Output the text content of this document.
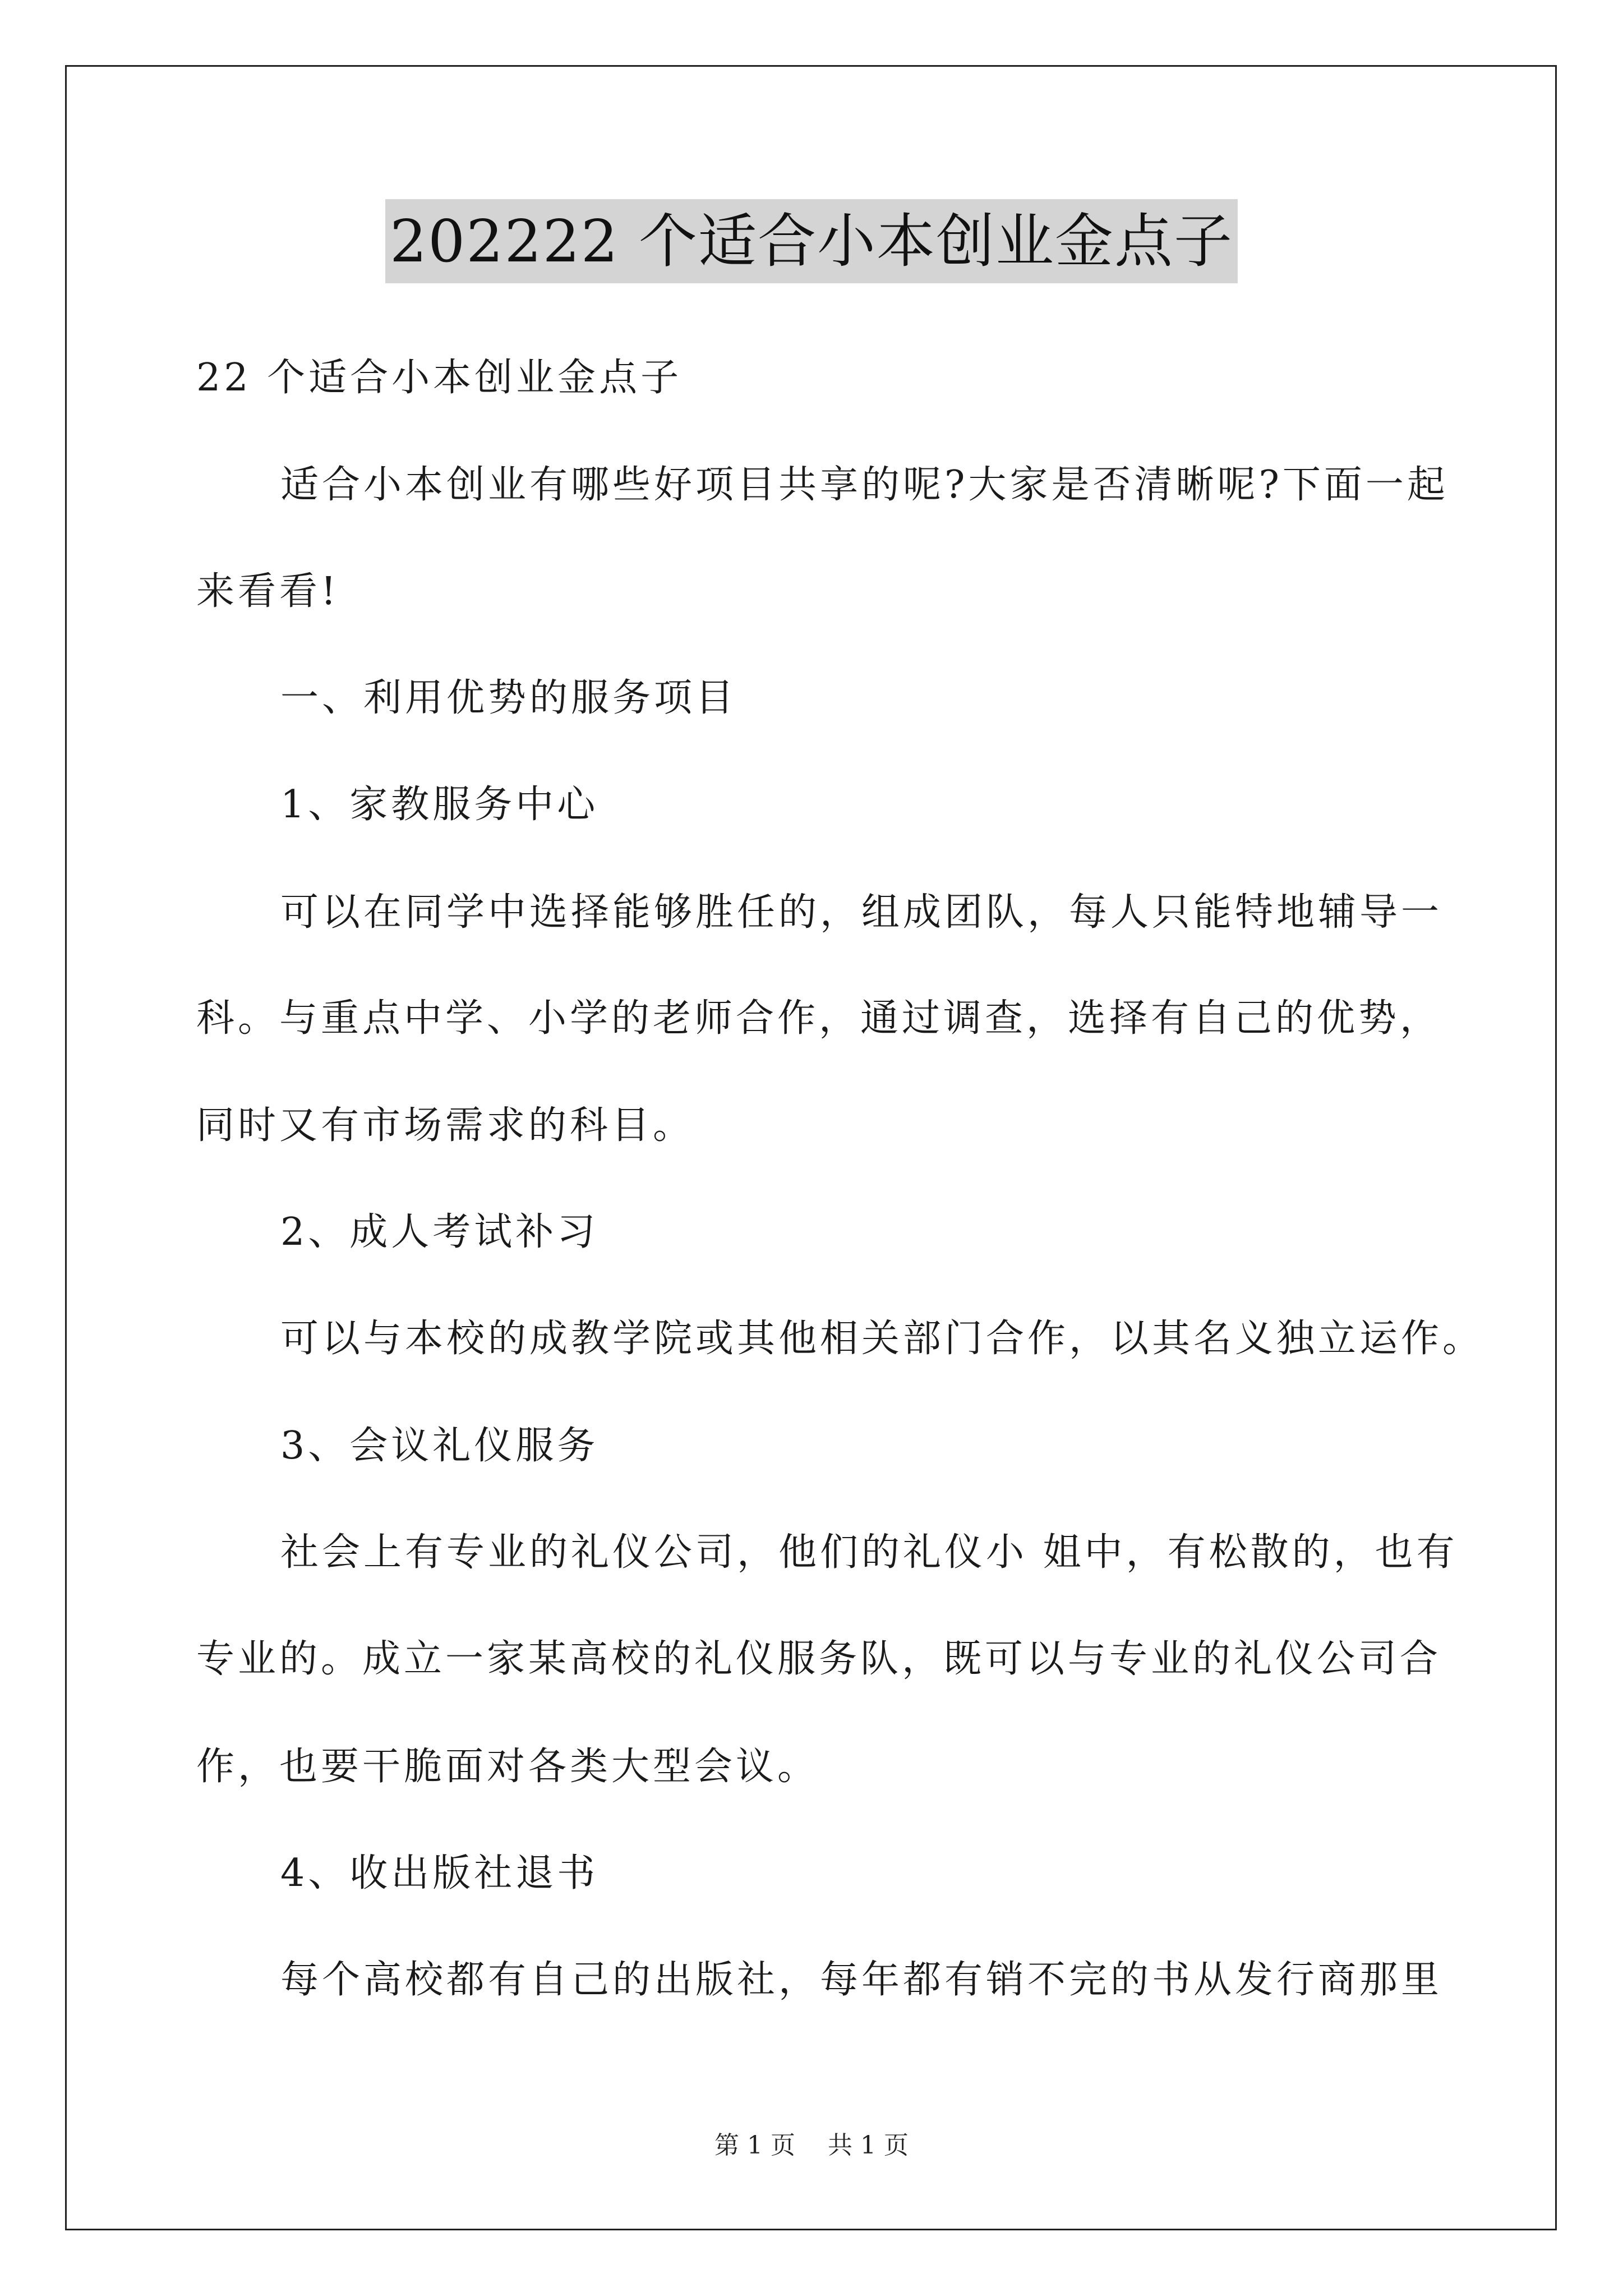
202222 个适合小本创业金点子
22 个适合小本创业金点子
适合小本创业有哪些好项目共享的呢?大家是否清晰呢?下面一起
来看看!
一、利用优势的服务项目
1、家教服务中心
可以在同学中选择能够胜任的，组成团队，每人只能特地辅导一
科。与重点中学、小学的老师合作，通过调查，选择有自己的优势，
同时又有市场需求的科目。
2、成人考试补习
可以与本校的成教学院或其他相关部门合作，以其名义独立运作。
3、会议礼仪服务
社会上有专业的礼仪公司，他们的礼仪小 姐中，有松散的，也有
专业的。成立一家某高校的礼仪服务队，既可以与专业的礼仪公司合
作，也要干脆面对各类大型会议。
4、收出版社退书
每个高校都有自己的出版社，每年都有销不完的书从发行商那里
第 1 页 共 1 页
